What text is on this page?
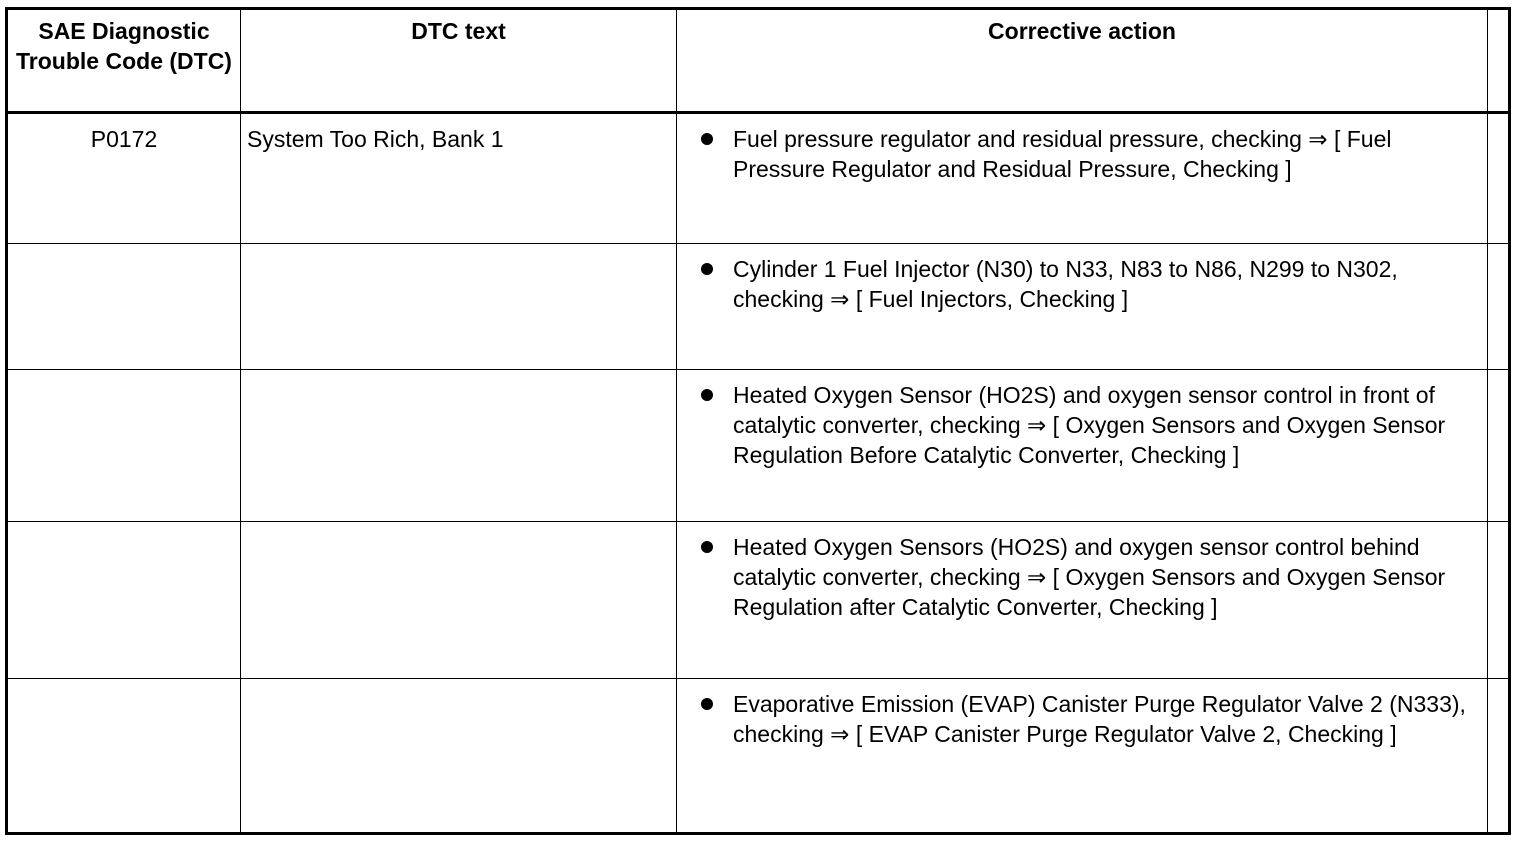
SAE Diagnostic Trouble Code (DTC)	DTC text	Corrective action	
P0172	System Too Rich, Bank 1	Fuel pressure regulator and residual pressure, checking ⇒ [ Fuel Pressure Regulator and Residual Pressure, Checking ]	

		Cylinder 1 Fuel Injector (N30) to N33, N83 to N86, N299 to N302, checking ⇒ [ Fuel Injectors, Checking ]	

		Heated Oxygen Sensor (HO2S) and oxygen sensor control in front of catalytic converter, checking ⇒ [ Oxygen Sensors and Oxygen Sensor Regulation Before Catalytic Converter, Checking ]	

		Heated Oxygen Sensors (HO2S) and oxygen sensor control behind catalytic converter, checking ⇒ [ Oxygen Sensors and Oxygen Sensor Regulation after Catalytic Converter, Checking ]	

		Evaporative Emission (EVAP) Canister Purge Regulator Valve 2 (N333), checking ⇒ [ EVAP Canister Purge Regulator Valve 2, Checking ]	
